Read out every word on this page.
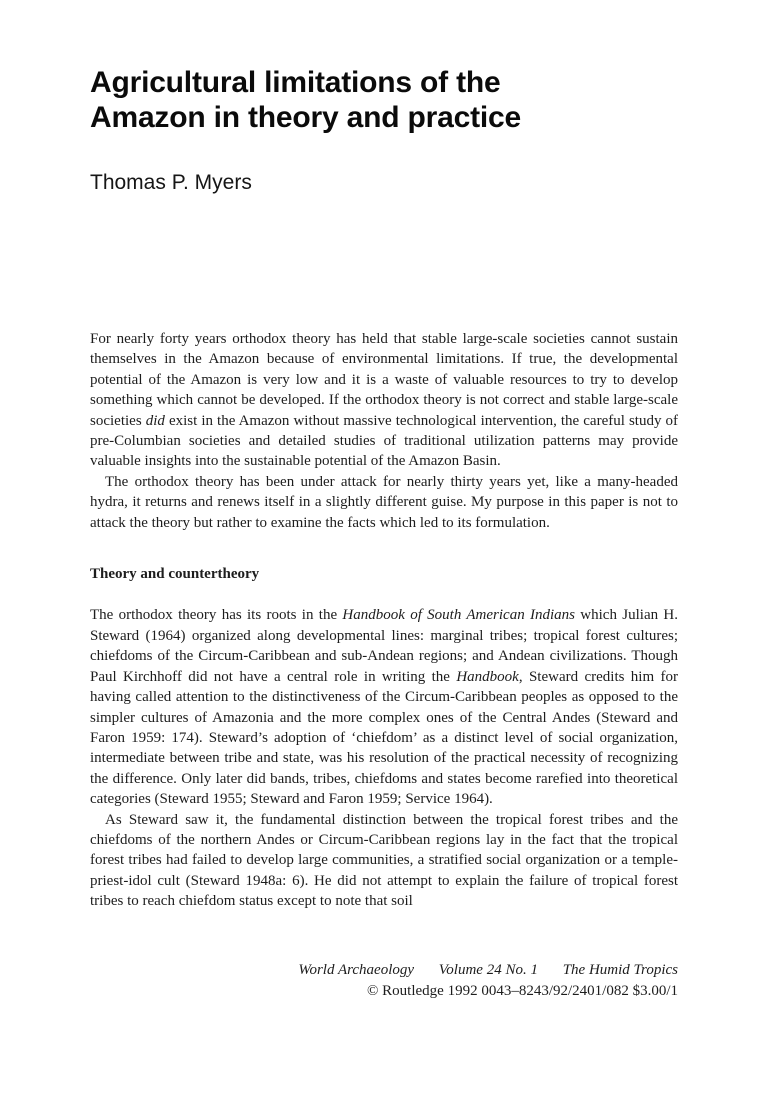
Agricultural limitations of the
Amazon in theory and practice
Thomas P. Myers

For nearly forty years orthodox theory has held that stable large-scale societies cannot sustain themselves in the Amazon because of environmental limitations. If true, the developmental potential of the Amazon is very low and it is a waste of valuable resources to try to develop something which cannot be developed. If the orthodox theory is not correct and stable large-scale societies did exist in the Amazon without massive technological intervention, the careful study of pre-Columbian societies and detailed studies of traditional utilization patterns may provide valuable insights into the sustainable potential of the Amazon Basin.

The orthodox theory has been under attack for nearly thirty years yet, like a many-headed hydra, it returns and renews itself in a slightly different guise. My purpose in this paper is not to attack the theory but rather to examine the facts which led to its formulation.

Theory and countertheory

The orthodox theory has its roots in the Handbook of South American Indians which Julian H. Steward (1964) organized along developmental lines: marginal tribes; tropical forest cultures; chiefdoms of the Circum-Caribbean and sub-Andean regions; and Andean civilizations. Though Paul Kirchhoff did not have a central role in writing the Handbook, Steward credits him for having called attention to the distinctiveness of the Circum-Caribbean peoples as opposed to the simpler cultures of Amazonia and the more complex ones of the Central Andes (Steward and Faron 1959: 174). Steward’s adoption of ‘chiefdom’ as a distinct level of social organization, intermediate between tribe and state, was his resolution of the practical necessity of recognizing the difference. Only later did bands, tribes, chiefdoms and states become rarefied into theoretical categories (Steward 1955; Steward and Faron 1959; Service 1964).

As Steward saw it, the fundamental distinction between the tropical forest tribes and the chiefdoms of the northern Andes or Circum-Caribbean regions lay in the fact that the tropical forest tribes had failed to develop large communities, a stratified social organization or a temple-priest-idol cult (Steward 1948a: 6). He did not attempt to explain the failure of tropical forest tribes to reach chiefdom status except to note that soil

World Archaeology Volume 24 No. 1 The Humid Tropics
© Routledge 1992 0043–8243/92/2401/082 $3.00/1
